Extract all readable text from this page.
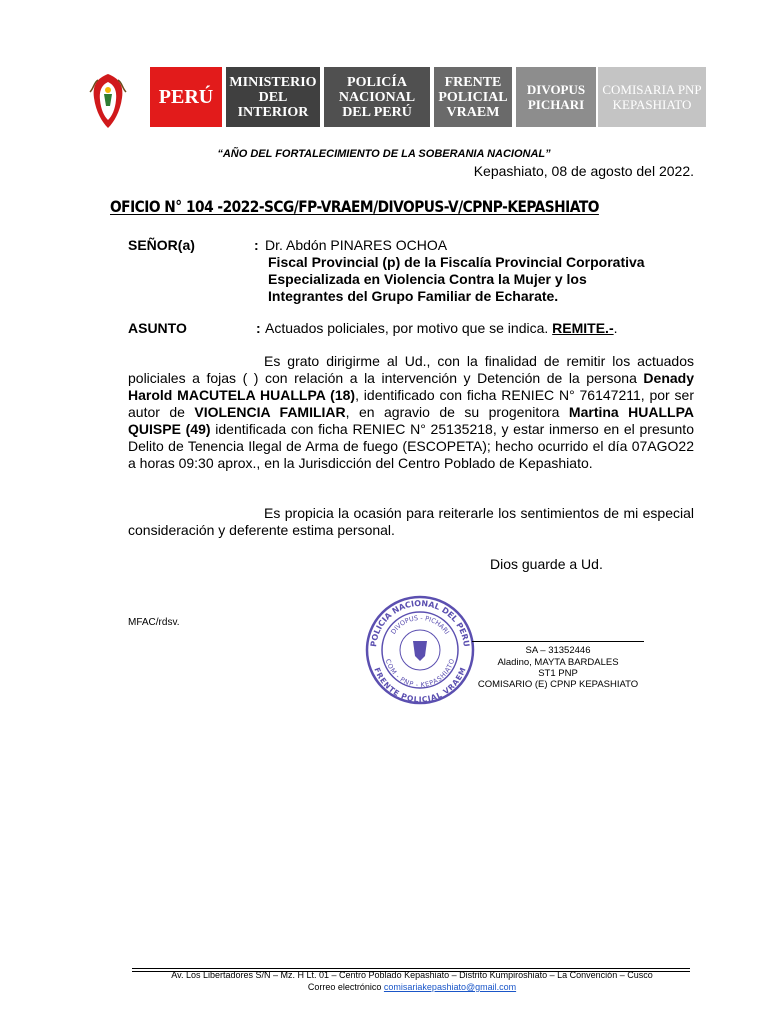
PERÚ
MINISTERIO DEL INTERIOR
POLICÍA NACIONAL DEL PERÚ
FRENTE POLICIAL VRAEM
DIVOPUS PICHARI
COMISARIA PNP KEPASHIATO
“AÑO DEL FORTALECIMIENTO DE LA SOBERANIA NACIONAL”
Kepashiato, 08 de agosto del 2022.
OFICIO N° 104 -2022-SCG/FP-VRAEM/DIVOPUS-V/CPNP-KEPASHIATO
SEÑOR(a)	: Dr. Abdón PINARES OCHOA
Fiscal Provincial (p) de la Fiscalía Provincial Corporativa
Especializada en Violencia Contra la Mujer y los
Integrantes del Grupo Familiar de Echarate.
ASUNTO	: Actuados policiales, por motivo que se indica. REMITE.-.
Es grato dirigirme al Ud., con la finalidad de remitir los actuados policiales a fojas ( ) con relación a la intervención y Detención de la persona Denady Harold MACUTELA HUALLPA (18), identificado con ficha RENIEC N° 76147211, por ser autor de VIOLENCIA FAMILIAR, en agravio de su progenitora Martina HUALLPA QUISPE (49) identificada con ficha RENIEC N° 25135218, y estar inmerso en el presunto Delito de Tenencia Ilegal de Arma de fuego (ESCOPETA); hecho ocurrido el día 07AGO22 a horas 09:30 aprox., en la Jurisdicción del Centro Poblado de Kepashiato.
Es propicia la ocasión para reiterarle los sentimientos de mi especial consideración y deferente estima personal.
Dios guarde a Ud.
MFAC/rdsv.
POLICIA NACIONAL DEL PERU
FRENTE POLICIAL VRAEM
DIVOPUS - PICHARI
COM - PNP - KEPASHIATO
SA – 31352446
Aladino, MAYTA BARDALES
ST1 PNP
COMISARIO (E) CPNP KEPASHIATO
Av. Los Libertadores S/N – Mz. H Lt. 01 – Centro Poblado Kepashiato – Distrito Kumpiroshiato – La Convención – Cusco
Correo electrónico comisariakepashiato@gmail.com
